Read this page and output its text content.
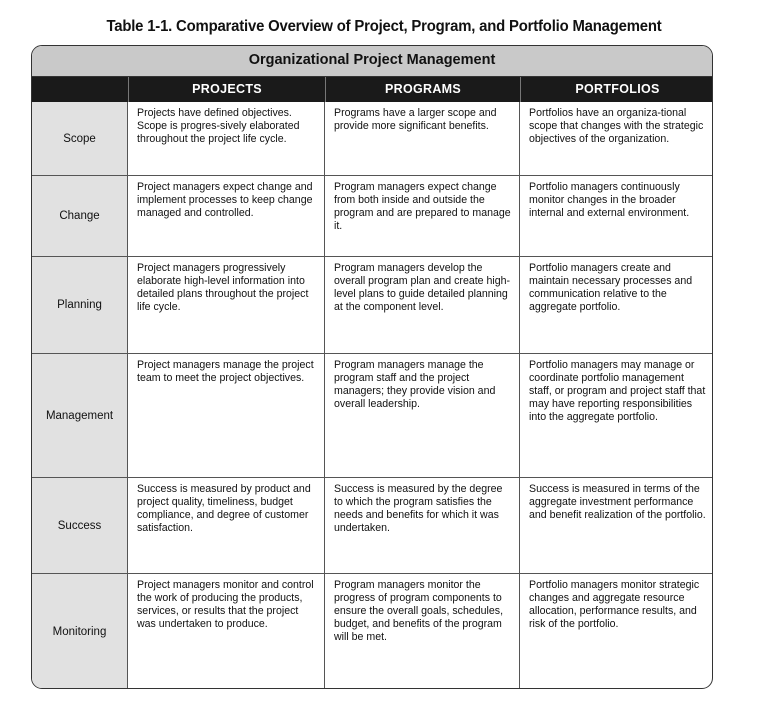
Table 1-1. Comparative Overview of Project, Program, and Portfolio Management
Organizational Project Management
PROJECTS	PROGRAMS	PORTFOLIOS
Scope
Projects have defined objectives. Scope is progres-sively elaborated throughout the project life cycle.
Programs have a larger scope and provide more significant benefits.
Portfolios have an organiza-tional scope that changes with the strategic objectives of the organization.
Change
Project managers expect change and implement processes to keep change managed and controlled.
Program managers expect change from both inside and outside the program and are prepared to manage it.
Portfolio managers continuously monitor changes in the broader internal and external environment.
Planning
Project managers progressively elaborate high-level information into detailed plans throughout the project life cycle.
Program managers develop the overall program plan and create high-level plans to guide detailed planning at the component level.
Portfolio managers create and maintain necessary processes and communication relative to the aggregate portfolio.
Management
Project managers manage the project team to meet the project objectives.
Program managers manage the program staff and the project managers; they provide vision and overall leadership.
Portfolio managers may manage or coordinate portfolio management staff, or program and project staff that may have reporting responsibilities into the aggregate portfolio.
Success
Success is measured by product and project quality, timeliness, budget compliance, and degree of customer satisfaction.
Success is measured by the degree to which the program satisfies the needs and benefits for which it was undertaken.
Success is measured in terms of the aggregate investment performance and benefit realization of the portfolio.
Monitoring
Project managers monitor and control the work of producing the products, services, or results that the project was undertaken to produce.
Program managers monitor the progress of program components to ensure the overall goals, schedules, budget, and benefits of the program will be met.
Portfolio managers monitor strategic changes and aggregate resource allocation, performance results, and risk of the portfolio.
